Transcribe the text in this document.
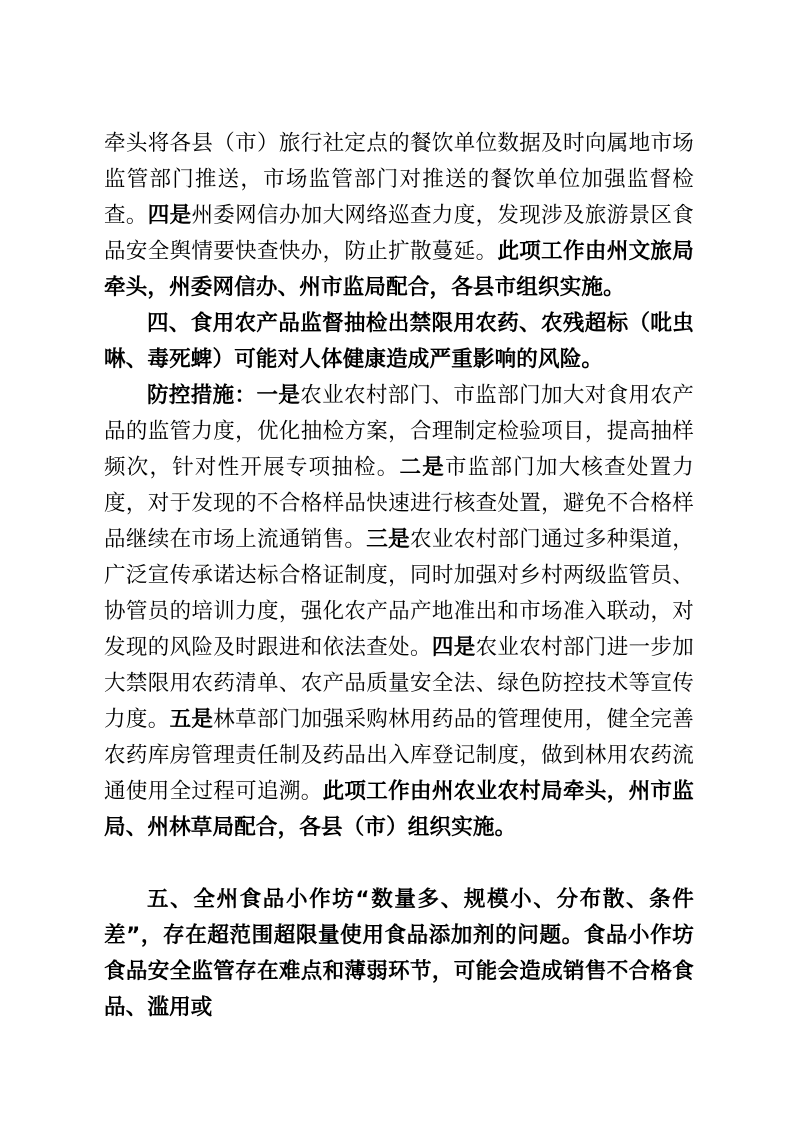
牵头将各县（市）旅行社定点的餐饮单位数据及时向属地市场监管部门推送，市场监管部门对推送的餐饮单位加强监督检查。四是州委网信办加大网络巡查力度，发现涉及旅游景区食品安全舆情要快查快办，防止扩散蔓延。此项工作由州文旅局牵头，州委网信办、州市监局配合，各县市组织实施。

四、食用农产品监督抽检出禁限用农药、农残超标（吡虫啉、毒死蜱）可能对人体健康造成严重影响的风险。

防控措施：一是农业农村部门、市监部门加大对食用农产品的监管力度，优化抽检方案，合理制定检验项目，提高抽样频次，针对性开展专项抽检。二是市监部门加大核查处置力度，对于发现的不合格样品快速进行核查处置，避免不合格样品继续在市场上流通销售。三是农业农村部门通过多种渠道，广泛宣传承诺达标合格证制度，同时加强对乡村两级监管员、协管员的培训力度，强化农产品产地准出和市场准入联动，对发现的风险及时跟进和依法查处。四是农业农村部门进一步加大禁限用农药清单、农产品质量安全法、绿色防控技术等宣传力度。五是林草部门加强采购林用药品的管理使用，健全完善农药库房管理责任制及药品出入库登记制度，做到林用农药流通使用全过程可追溯。此项工作由州农业农村局牵头，州市监局、州林草局配合，各县（市）组织实施。

五、全州食品小作坊“数量多、规模小、分布散、条件差”，存在超范围超限量使用食品添加剂的问题。食品小作坊食品安全监管存在难点和薄弱环节，可能会造成销售不合格食品、滥用或
